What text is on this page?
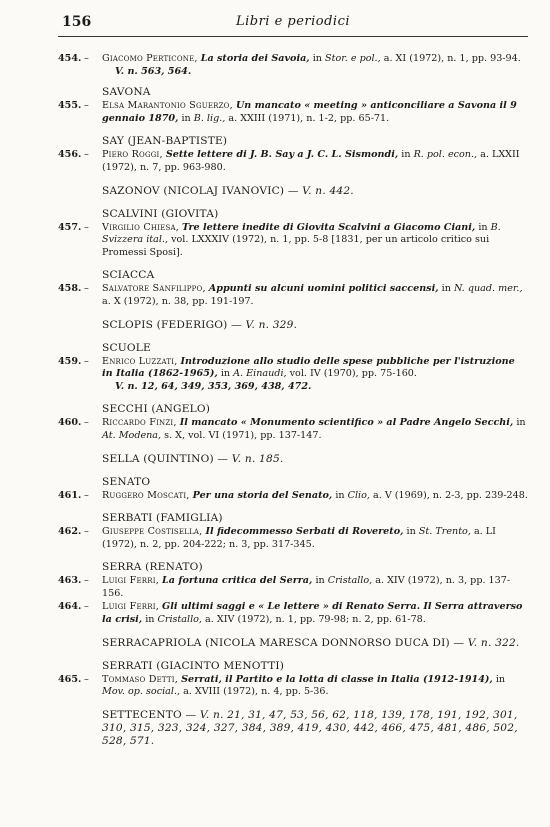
156	Libri e periodici
454. – Giacomo Perticone, La storia dei Savoia, in Stor. e pol., a. XI (1972), n. 1, pp. 93-94.
V. n. 563, 564.
SAVONA
455. – Elsa Marantonio Sguerzo, Un mancato « meeting » anticonciliare a Savona il 9 gennaio 1870, in B. lig., a. XXIII (1971), n. 1-2, pp. 65-71.
SAY (JEAN-BAPTISTE)
456. – Piero Roggi, Sette lettere di J. B. Say a J. C. L. Sismondi, in R. pol. econ., a. LXXII (1972), n. 7, pp. 963-980.
SAZONOV (NICOLAJ IVANOVIC) — V. n. 442.
SCALVINI (GIOVITA)
457. – Virgilio Chiesa, Tre lettere inedite di Giovita Scalvini a Giacomo Ciani, in B. Svizzera ital., vol. LXXXIV (1972), n. 1, pp. 5-8 [1831, per un articolo critico sui Promessi Sposi].
SCIACCA
458. – Salvatore Sanfilippo, Appunti su alcuni uomini politici saccensi, in N. quad. mer., a. X (1972), n. 38, pp. 191-197.
SCLOPIS (FEDERIGO) — V. n. 329.
SCUOLE
459. – Enrico Luzzati, Introduzione allo studio delle spese pubbliche per l'istruzione in Italia (1862-1965), in A. Einaudi, vol. IV (1970), pp. 75-160.
V. n. 12, 64, 349, 353, 369, 438, 472.
SECCHI (ANGELO)
460. – Riccardo Finzi, Il mancato « Monumento scientifico » al Padre Angelo Secchi, in At. Modena, s. X, vol. VI (1971), pp. 137-147.
SELLA (QUINTINO) — V. n. 185.
SENATO
461. – Ruggero Moscati, Per una storia del Senato, in Clio, a. V (1969), n. 2-3, pp. 239-248.
SERBATI (FAMIGLIA)
462. – Giuseppe Costisella, Il fidecommesso Serbati di Rovereto, in St. Trento, a. LI (1972), n. 2, pp. 204-222; n. 3, pp. 317-345.
SERRA (RENATO)
463. – Luigi Ferri, La fortuna critica del Serra, in Cristallo, a. XIV (1972), n. 3, pp. 137-156.
464. – Luigi Ferri, Gli ultimi saggi e « Le lettere » di Renato Serra. Il Serra attraverso la crisi, in Cristallo, a. XIV (1972), n. 1, pp. 79-98; n. 2, pp. 61-78.
SERRACAPRIOLA (NICOLA MARESCA DONNORSO DUCA DI) — V. n. 322.
SERRATI (GIACINTO MENOTTI)
465. – Tommaso Detti, Serrati, il Partito e la lotta di classe in Italia (1912-1914), in Mov. op. social., a. XVIII (1972), n. 4, pp. 5-36.
SETTECENTO — V. n. 21, 31, 47, 53, 56, 62, 118, 139, 178, 191, 192, 301, 310, 315, 323, 324, 327, 384, 389, 419, 430, 442, 466, 475, 481, 486, 502, 528, 571.
